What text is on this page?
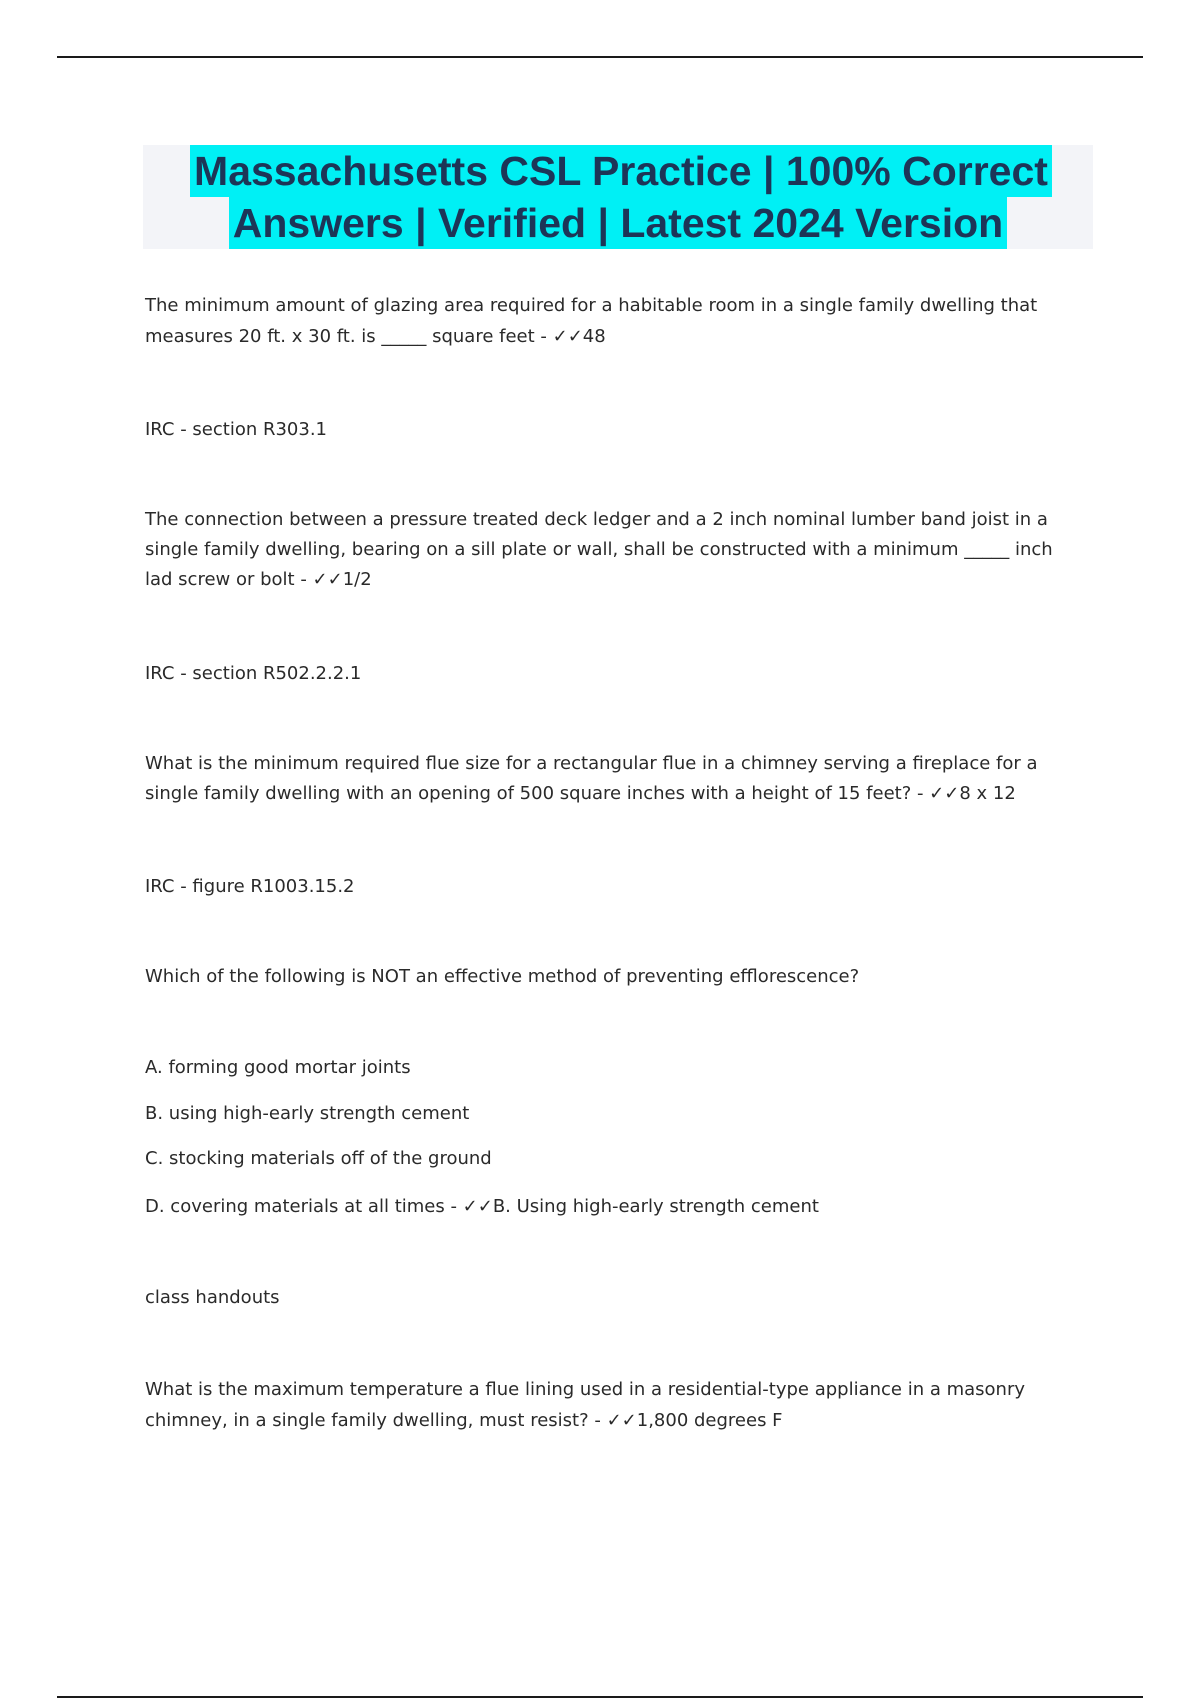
Massachusetts CSL Practice | 100% Correct
Answers | Verified | Latest 2024 Version

The minimum amount of glazing area required for a habitable room in a single family dwelling that measures 20 ft. x 30 ft. is _____ square feet - ✓✓48

IRC - section R303.1

The connection between a pressure treated deck ledger and a 2 inch nominal lumber band joist in a single family dwelling, bearing on a sill plate or wall, shall be constructed with a minimum _____ inch lad screw or bolt - ✓✓1/2

IRC - section R502.2.2.1

What is the minimum required flue size for a rectangular flue in a chimney serving a fireplace for a single family dwelling with an opening of 500 square inches with a height of 15 feet? - ✓✓8 x 12

IRC - figure R1003.15.2

Which of the following is NOT an effective method of preventing efflorescence?

A. forming good mortar joints

B. using high-early strength cement

C. stocking materials off of the ground

D. covering materials at all times - ✓✓B. Using high-early strength cement

class handouts

What is the maximum temperature a flue lining used in a residential-type appliance in a masonry chimney, in a single family dwelling, must resist? - ✓✓1,800 degrees F
